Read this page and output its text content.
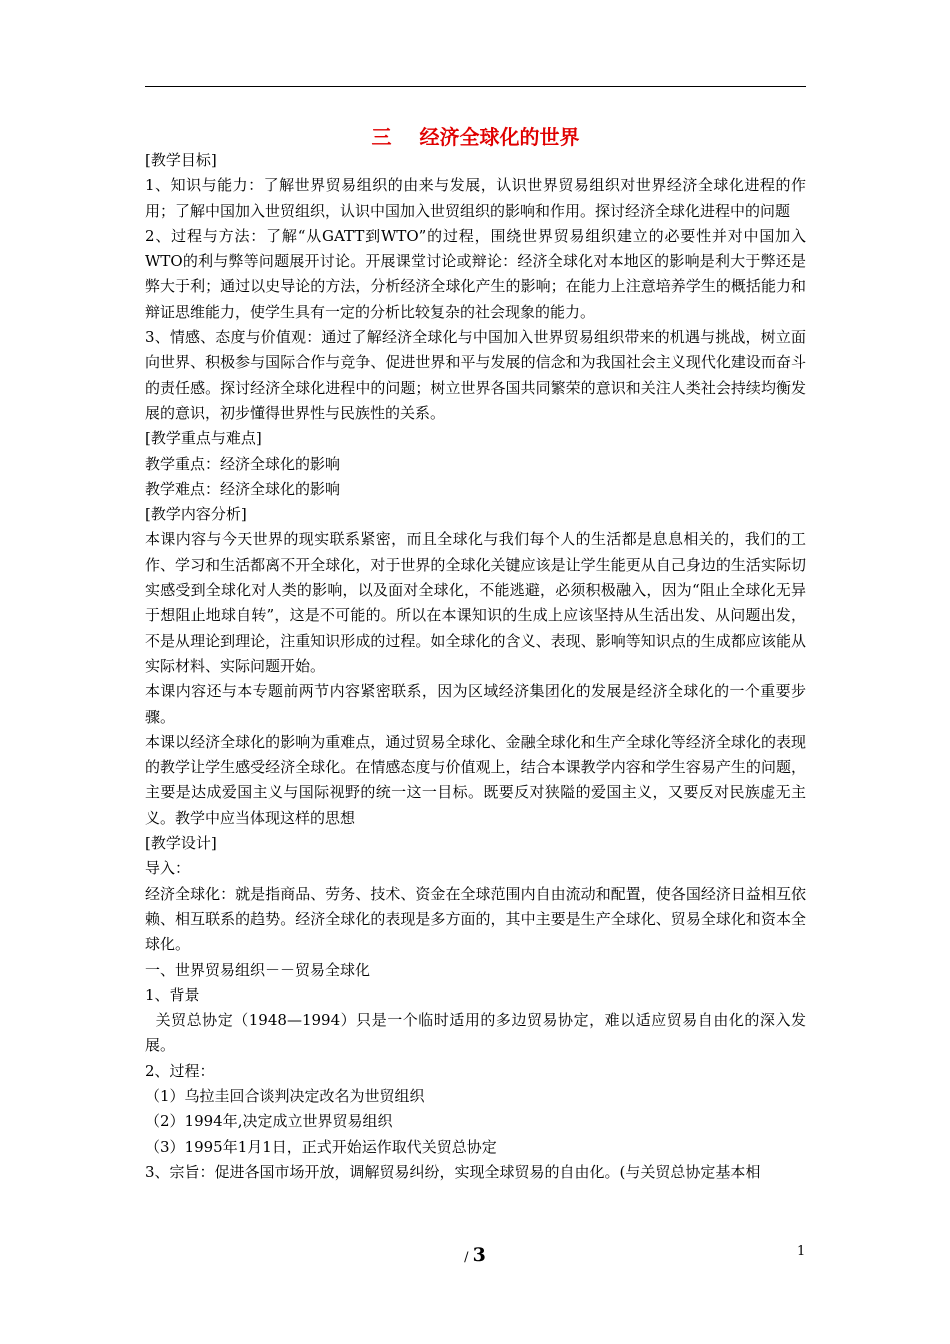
三 经济全球化的世界

[教学目标]

1、知识与能力：了解世界贸易组织的由来与发展，认识世界贸易组织对世界经济全球化进程的作用；了解中国加入世贸组织，认识中国加入世贸组织的影响和作用。探讨经济全球化进程中的问题

2、过程与方法：了解“从GATT到WTO”的过程，围绕世界贸易组织建立的必要性并对中国加入WTO的利与弊等问题展开讨论。开展课堂讨论或辩论：经济全球化对本地区的影响是利大于弊还是弊大于利；通过以史导论的方法，分析经济全球化产生的影响；在能力上注意培养学生的概括能力和辩证思维能力，使学生具有一定的分析比较复杂的社会现象的能力。

3、情感、态度与价值观：通过了解经济全球化与中国加入世界贸易组织带来的机遇与挑战，树立面向世界、积极参与国际合作与竞争、促进世界和平与发展的信念和为我国社会主义现代化建设而奋斗的责任感。探讨经济全球化进程中的问题；树立世界各国共同繁荣的意识和关注人类社会持续均衡发展的意识，初步懂得世界性与民族性的关系。

[教学重点与难点]

教学重点：经济全球化的影响

教学难点：经济全球化的影响

[教学内容分析]

本课内容与今天世界的现实联系紧密，而且全球化与我们每个人的生活都是息息相关的，我们的工作、学习和生活都离不开全球化，对于世界的全球化关键应该是让学生能更从自己身边的生活实际切实感受到全球化对人类的影响，以及面对全球化，不能逃避，必须积极融入，因为“阻止全球化无异于想阻止地球自转”，这是不可能的。所以在本课知识的生成上应该坚持从生活出发、从问题出发，不是从理论到理论，注重知识形成的过程。如全球化的含义、表现、影响等知识点的生成都应该能从实际材料、实际问题开始。

本课内容还与本专题前两节内容紧密联系，因为区域经济集团化的发展是经济全球化的一个重要步骤。

本课以经济全球化的影响为重难点，通过贸易全球化、金融全球化和生产全球化等经济全球化的表现的教学让学生感受经济全球化。在情感态度与价值观上，结合本课教学内容和学生容易产生的问题，主要是达成爱国主义与国际视野的统一这一目标。既要反对狭隘的爱国主义，又要反对民族虚无主义。教学中应当体现这样的思想

[教学设计]

导入：

经济全球化：就是指商品、劳务、技术、资金在全球范围内自由流动和配置，使各国经济日益相互依赖、相互联系的趋势。经济全球化的表现是多方面的，其中主要是生产全球化、贸易全球化和资本全球化。

一、世界贸易组织－－贸易全球化

1、背景

关贸总协定（1948—1994）只是一个临时适用的多边贸易协定，难以适应贸易自由化的深入发展。

2、过程：

（1）乌拉圭回合谈判决定改名为世贸组织

（2）1994年,决定成立世界贸易组织

（3）1995年1月1日，正式开始运作取代关贸总协定

3、宗旨：促进各国市场开放，调解贸易纠纷，实现全球贸易的自由化。(与关贸总协定基本相

/ 3	1
